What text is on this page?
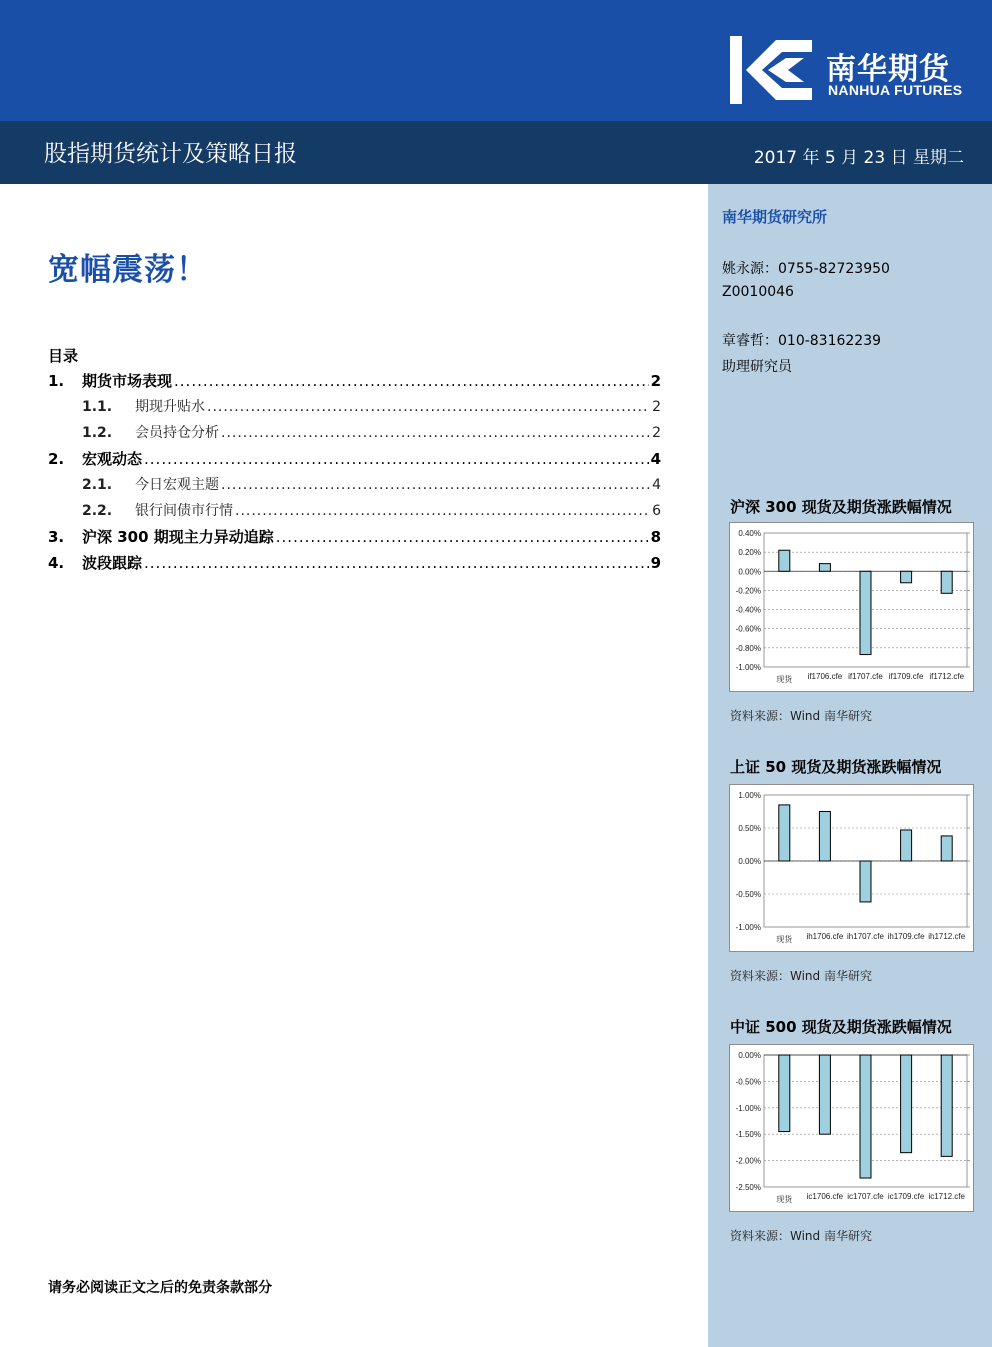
南华期货
NANHUA FUTURES
股指期货统计及策略日报	2017 年 5 月 23 日 星期二
南华期货研究所
姚永源：0755-82723950
Z0010046
章睿哲：010-83162239
助理研究员
宽幅震荡！
目录
1.	期货市场表现 .....	2
1.1.	期现升贴水 .....	2
1.2.	会员持仓分析 .....	2
2.	宏观动态 .....	4
2.1.	今日宏观主题 .....	4
2.2.	银行间债市行情 .....	6
3.	沪深 300 期现主力异动追踪 .....	8
4.	波段跟踪 .....	9
沪深 300 现货及期货涨跌幅情况
0.40%
0.20%
0.00%
-0.20%
-0.40%
-0.60%
-0.80%
-1.00%
现货 if1706.cfe if1707.cfe if1709.cfe if1712.cfe
资料来源：Wind 南华研究
上证 50 现货及期货涨跌幅情况
1.00%
0.50%
0.00%
-0.50%
-1.00%
现货 ih1706.cfe ih1707.cfe ih1709.cfe ih1712.cfe
资料来源：Wind 南华研究
中证 500 现货及期货涨跌幅情况
0.00%
-0.50%
-1.00%
-1.50%
-2.00%
-2.50%
现货 ic1706.cfe ic1707.cfe ic1709.cfe ic1712.cfe
资料来源：Wind 南华研究
请务必阅读正文之后的免责条款部分
